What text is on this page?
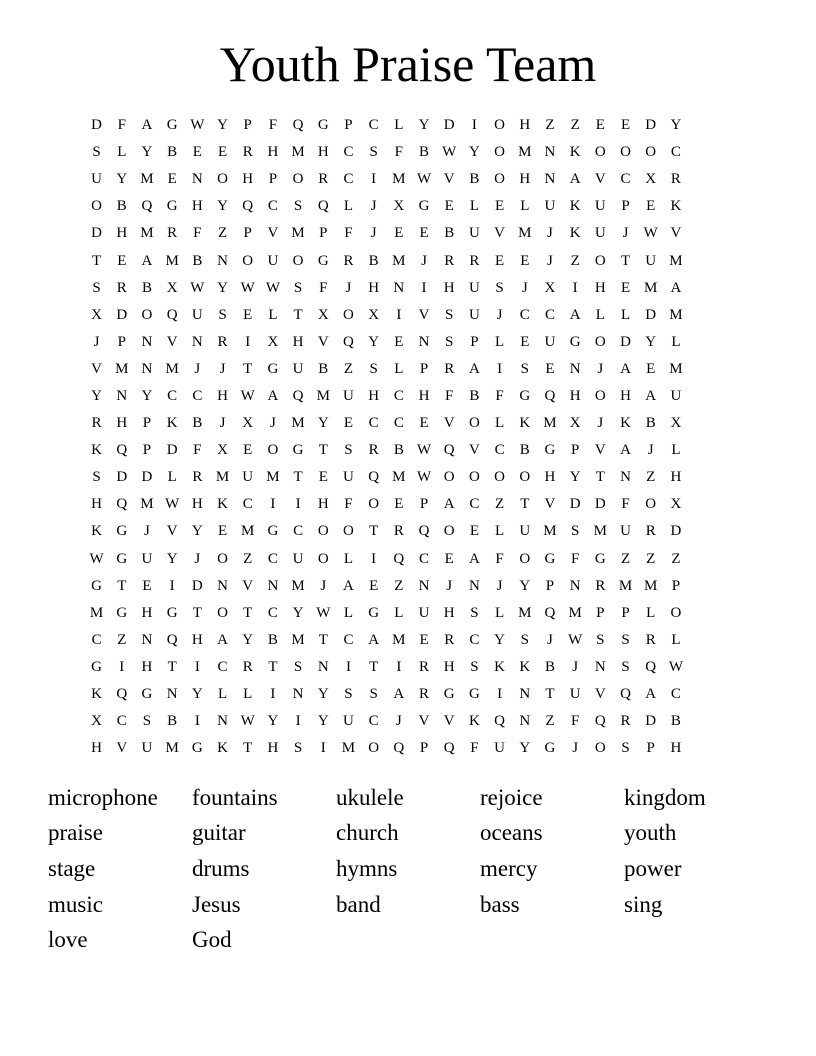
Youth Praise Team
D	F	A G W Y	P	F	Q G	P	C	L	Y D	I	O H	Z	Z	E	E	D Y
S	L	Y B	E	E	R H M H C	S	F	B W Y O M N K O O O C
U Y M E	N O H	P	O R	C	I	M W V B O H N A V C X R
O B Q G H Y Q C	S	Q	L	J	X G	E	L	E	L	U K U	P	E	K
D H M R	F	Z	P	V M P	F	J	E	E	B U V M	J	K U	J	W V
T	E	A M B N O U O G R	B M	J	R	R	E	E	J	Z	O	T	U M
S	R	B X W Y W W S	F	J	H N	I	H U	S	J	X	I	H	E M A
X D O Q U	S	E	L	T	X O X	I	V	S	U	J	C	C A	L	L	D M
J	P	N V N R	I	X H V Q Y	E	N	S	P	L	E	U G O D Y	L
V M N M	J	J	T	G U B	Z	S	L	P	R A	I	S	E	N	J	A	E M
Y N Y C	C H W A Q M U H C H	F	B	F	G Q H O H A U
R H	P	K B	J	X	J	M Y	E	C	C	E	V O	L	K M X	J	K B X
K Q	P	D	F	X	E	O G	T	S	R	B W Q V C	B G	P	V A	J	L
S	D D	L	R M U M T	E	U Q M W O O O O H Y	T	N	Z	H
H Q M W H K C	I	I	H	F	O	E	P	A C	Z	T	V D D	F	O X
K G	J	V Y	E M G C O O	T	R Q O	E	L	U M S M U R D
W G U Y	J	O	Z	C U O	L	I	Q C	E	A	F	O G	F	G	Z	Z	Z
G	T	E	I	D N V N M	J	A	E	Z	N	J	N	J	Y	P	N R M M P
M G H G	T	O	T	C Y W L	G	L	U H	S	L M Q M P	P	L	O
C	Z	N Q H A Y B M T	C A M E	R	C Y	S	J	W S	S	R	L
G	I	H	T	I	C	R	T	S	N	I	T	I	R H	S	K K B	J	N	S	Q W
K Q G N Y	L	L	I	N Y	S	S	A R G G	I	N	T	U V Q A C
X C	S	B	I	N W Y	I	Y U C	J	V V K Q N	Z	F	Q R D B
H V U M G K	T	H	S	I	M O Q	P	Q	F	U Y G	J	O	S	P	H
microphone	fountains	ukulele	rejoice	kingdom
praise	guitar	church	oceans	youth
stage	drums	hymns	mercy	power
music	Jesus	band	bass	sing
love	God
